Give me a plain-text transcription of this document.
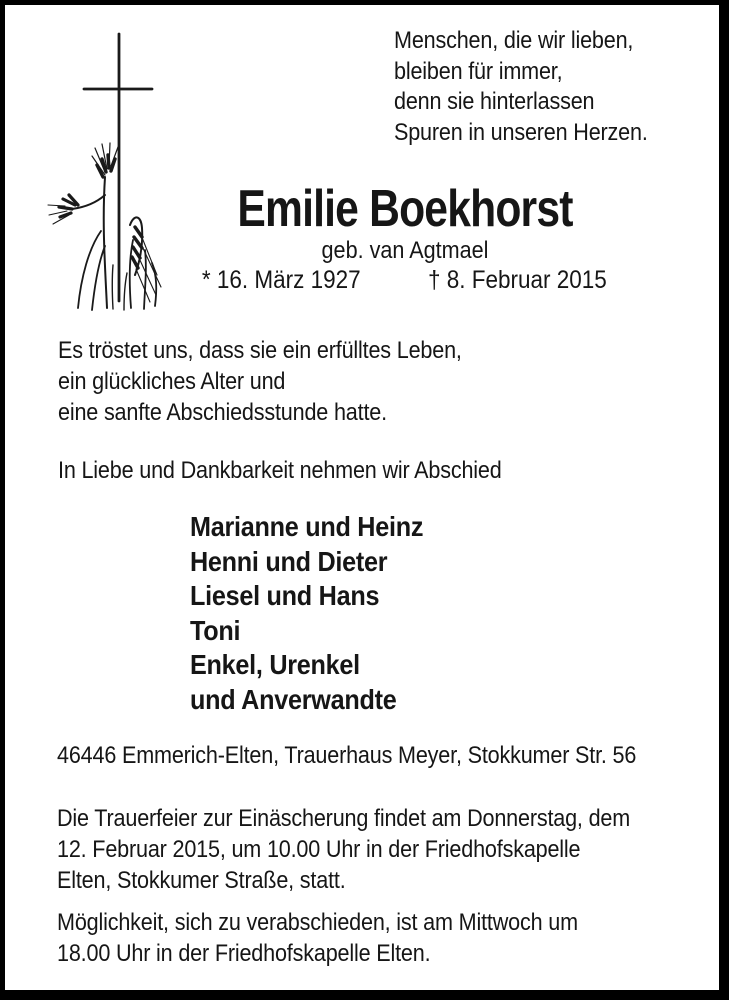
Menschen, die wir lieben,
bleiben für immer,
denn sie hinterlassen
Spuren in unseren Herzen.
Emilie Boekhorst
geb. van Agtmael
* 16. März 1927	† 8. Februar 2015
Es tröstet uns, dass sie ein erfülltes Leben,
ein glückliches Alter und
eine sanfte Abschiedsstunde hatte.
In Liebe und Dankbarkeit nehmen wir Abschied
Marianne und Heinz
Henni und Dieter
Liesel und Hans
Toni
Enkel, Urenkel
und Anverwandte
46446 Emmerich-Elten, Trauerhaus Meyer, Stokkumer Str. 56
Die Trauerfeier zur Einäscherung findet am Donnerstag, dem
12. Februar 2015, um 10.00 Uhr in der Friedhofskapelle
Elten, Stokkumer Straße, statt.
Möglichkeit, sich zu verabschieden, ist am Mittwoch um
18.00 Uhr in der Friedhofskapelle Elten.
